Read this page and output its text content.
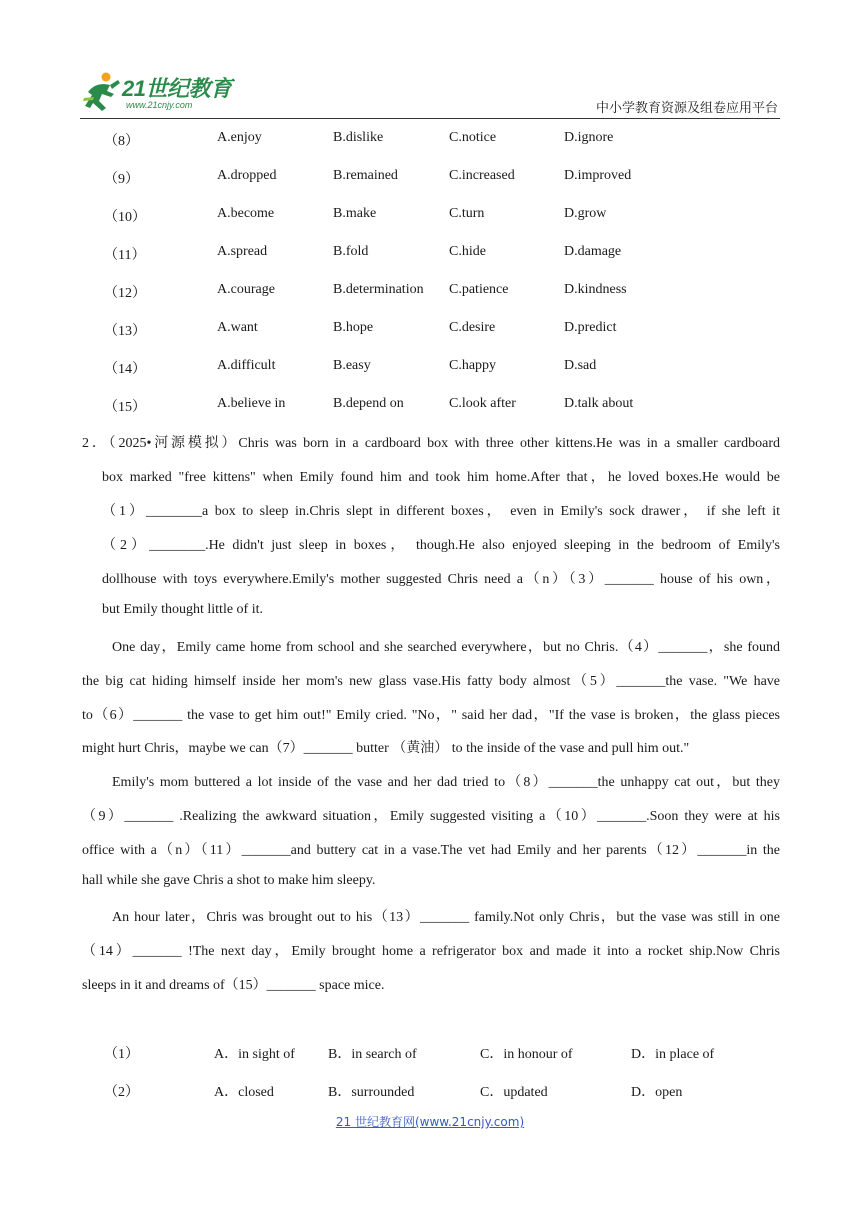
21世纪教育
www.21cnjy.com	中小学教育资源及组卷应用平台
（8）	A.enjoy	B.dislike	C.notice	D.ignore
（9）	A.dropped	B.remained	C.increased	D.improved
（10）	A.become	B.make	C.turn	D.grow
（11）	A.spread	B.fold	C.hide	D.damage
（12）	A.courage	B.determination C.patience	D.kindness
（13）	A.want	B.hope	C.desire	D.predict
（14）	A.difficult	B.easy	C.happy	D.sad
（15）	A.believe in	B.depend on	C.look after	D.talk about
2．（2025•河源模拟）Chris was born in a cardboard box with three other kittens.He was in a smaller cardboard
box marked "free kittens" when Emily found him and took him home.After that，he loved boxes.He would be
（1）________a box to sleep in.Chris slept in different boxes， even in Emily's sock drawer， if she left it
（2）________.He didn't just sleep in boxes， though.He also enjoyed sleeping in the bedroom of Emily's
dollhouse with toys everywhere.Emily's mother suggested Chris need a（n）（3）_______ house of his own，
but Emily thought little of it.
One day，Emily came home from school and she searched everywhere，but no Chris.（4）_______，she found
the big cat hiding himself inside her mom's new glass vase.His fatty body almost（5）_______the vase. "We have
to（6）_______ the vase to get him out!" Emily cried. "No，" said her dad，"If the vase is broken，the glass pieces
might hurt Chris，maybe we can（7）_______ butter （黄油） to the inside of the vase and pull him out."
Emily's mom buttered a lot inside of the vase and her dad tried to（8）_______the unhappy cat out，but they
（9）_______ .Realizing the awkward situation，Emily suggested visiting a（10）_______.Soon they were at his
office with a（n）（11）_______and buttery cat in a vase.The vet had Emily and her parents（12）_______in the
hall while she gave Chris a shot to make him sleepy.
An hour later，Chris was brought out to his（13）_______ family.Not only Chris，but the vase was still in one
（14）_______ !The next day，Emily brought home a refrigerator box and made it into a rocket ship.Now Chris
sleeps in it and dreams of（15）_______ space mice.
（1）	A．in sight of B．in search of	C．in honour of	D．in place of
（2）	A．closed	B．surrounded	C．updated	D．open
21 世纪教育网(www.21cnjy.com)
